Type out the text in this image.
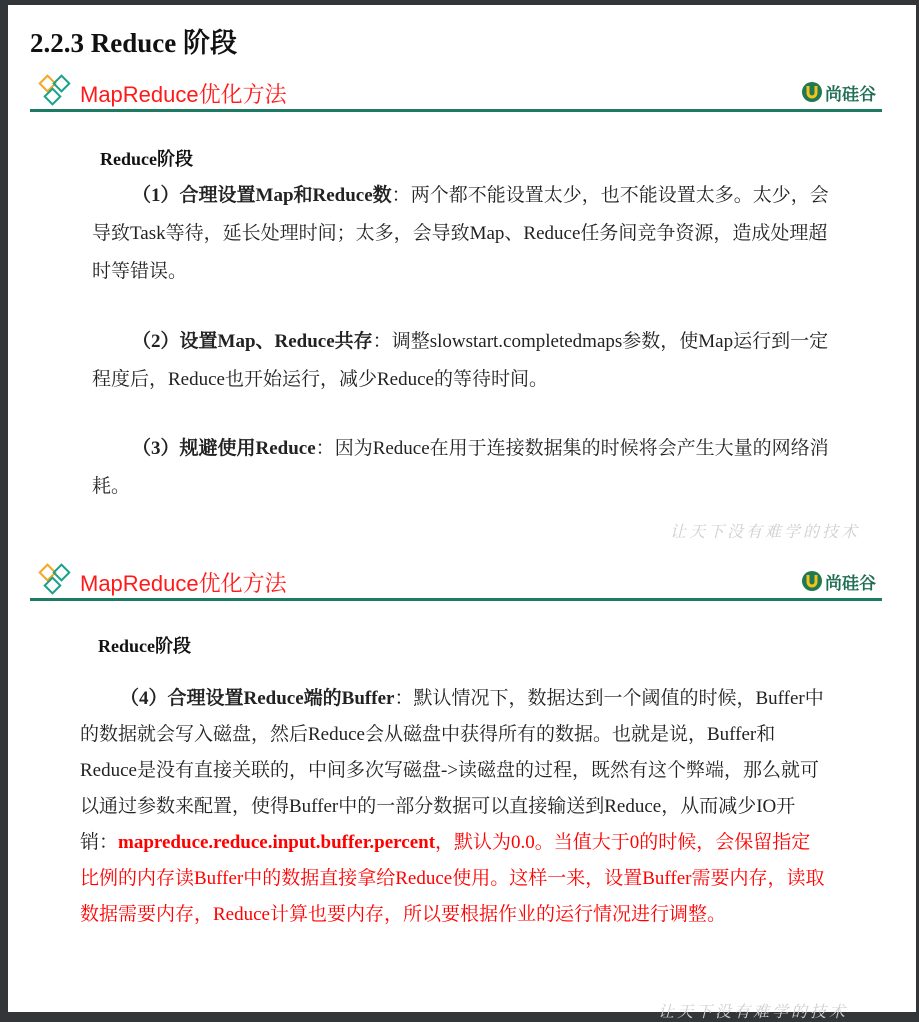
2.2.3 Reduce 阶段
MapReduce优化方法	尚硅谷
Reduce阶段
（1）合理设置Map和Reduce数：两个都不能设置太少，也不能设置太多。太少，会导致Task等待，延长处理时间；太多，会导致Map、Reduce任务间竞争资源，造成处理超时等错误。
（2）设置Map、Reduce共存：调整slowstart.completedmaps参数，使Map运行到一定程度后，Reduce也开始运行，减少Reduce的等待时间。
（3）规避使用Reduce：因为Reduce在用于连接数据集的时候将会产生大量的网络消耗。
让天下没有难学的技术
MapReduce优化方法	尚硅谷
Reduce阶段
（4）合理设置Reduce端的Buffer：默认情况下，数据达到一个阈值的时候，Buffer中的数据就会写入磁盘，然后Reduce会从磁盘中获得所有的数据。也就是说，Buffer和Reduce是没有直接关联的，中间多次写磁盘->读磁盘的过程，既然有这个弊端，那么就可以通过参数来配置，使得Buffer中的一部分数据可以直接输送到Reduce，从而减少IO开销：mapreduce.reduce.input.buffer.percent，默认为0.0。当值大于0的时候，会保留指定比例的内存读Buffer中的数据直接拿给Reduce使用。这样一来，设置Buffer需要内存，读取数据需要内存，Reduce计算也要内存，所以要根据作业的运行情况进行调整。
让天下没有难学的技术
